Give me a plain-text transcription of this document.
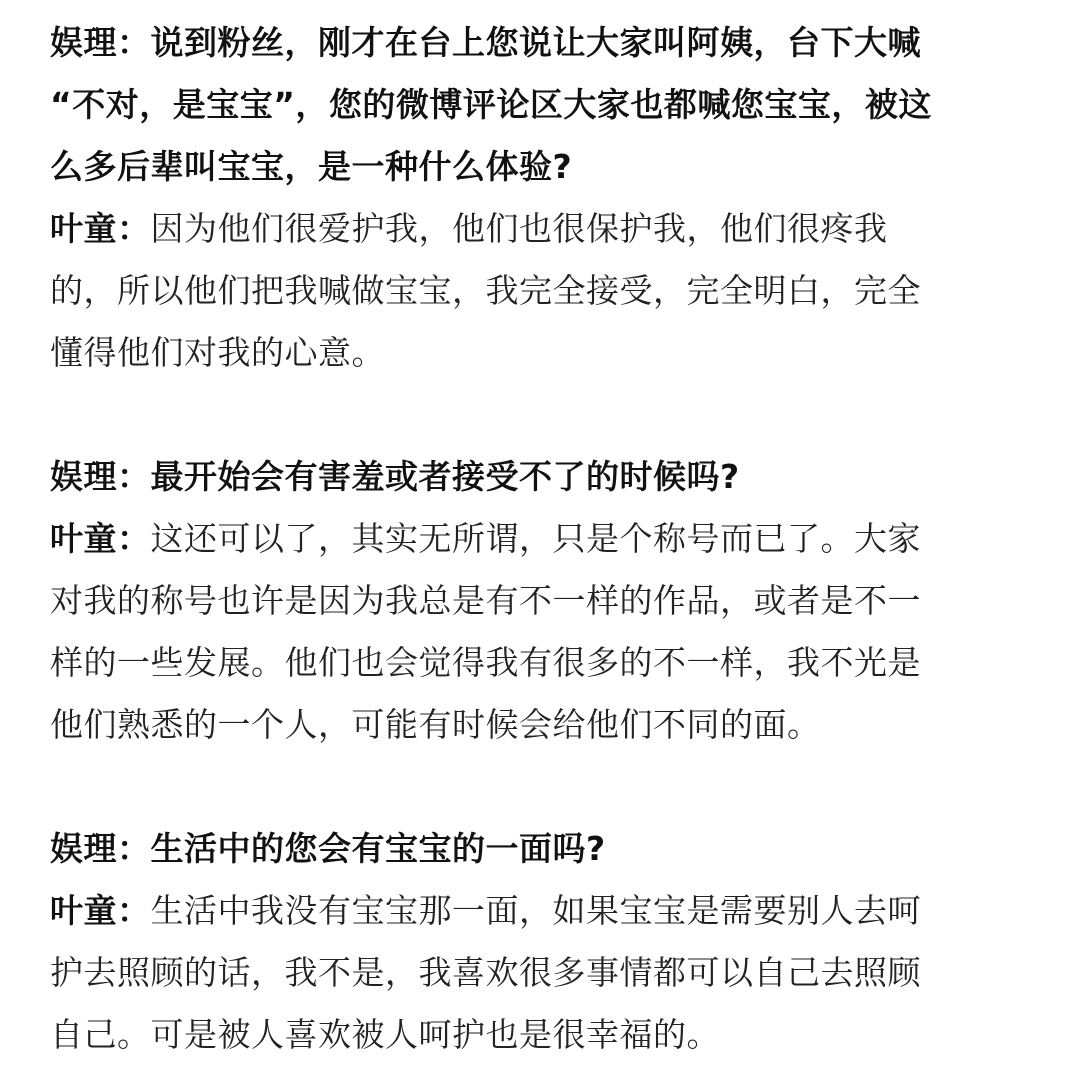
娱理：说到粉丝，刚才在台上您说让大家叫阿姨，台下大喊
“不对，是宝宝”，您的微博评论区大家也都喊您宝宝，被这
么多后辈叫宝宝，是一种什么体验?
叶童：因为他们很爱护我，他们也很保护我，他们很疼我
的，所以他们把我喊做宝宝，我完全接受，完全明白，完全
懂得他们对我的心意。
娱理：最开始会有害羞或者接受不了的时候吗?
叶童：这还可以了，其实无所谓，只是个称号而已了。大家
对我的称号也许是因为我总是有不一样的作品，或者是不一
样的一些发展。他们也会觉得我有很多的不一样，我不光是
他们熟悉的一个人，可能有时候会给他们不同的面。
娱理：生活中的您会有宝宝的一面吗?
叶童：生活中我没有宝宝那一面，如果宝宝是需要别人去呵
护去照顾的话，我不是，我喜欢很多事情都可以自己去照顾
自己。可是被人喜欢被人呵护也是很幸福的。
